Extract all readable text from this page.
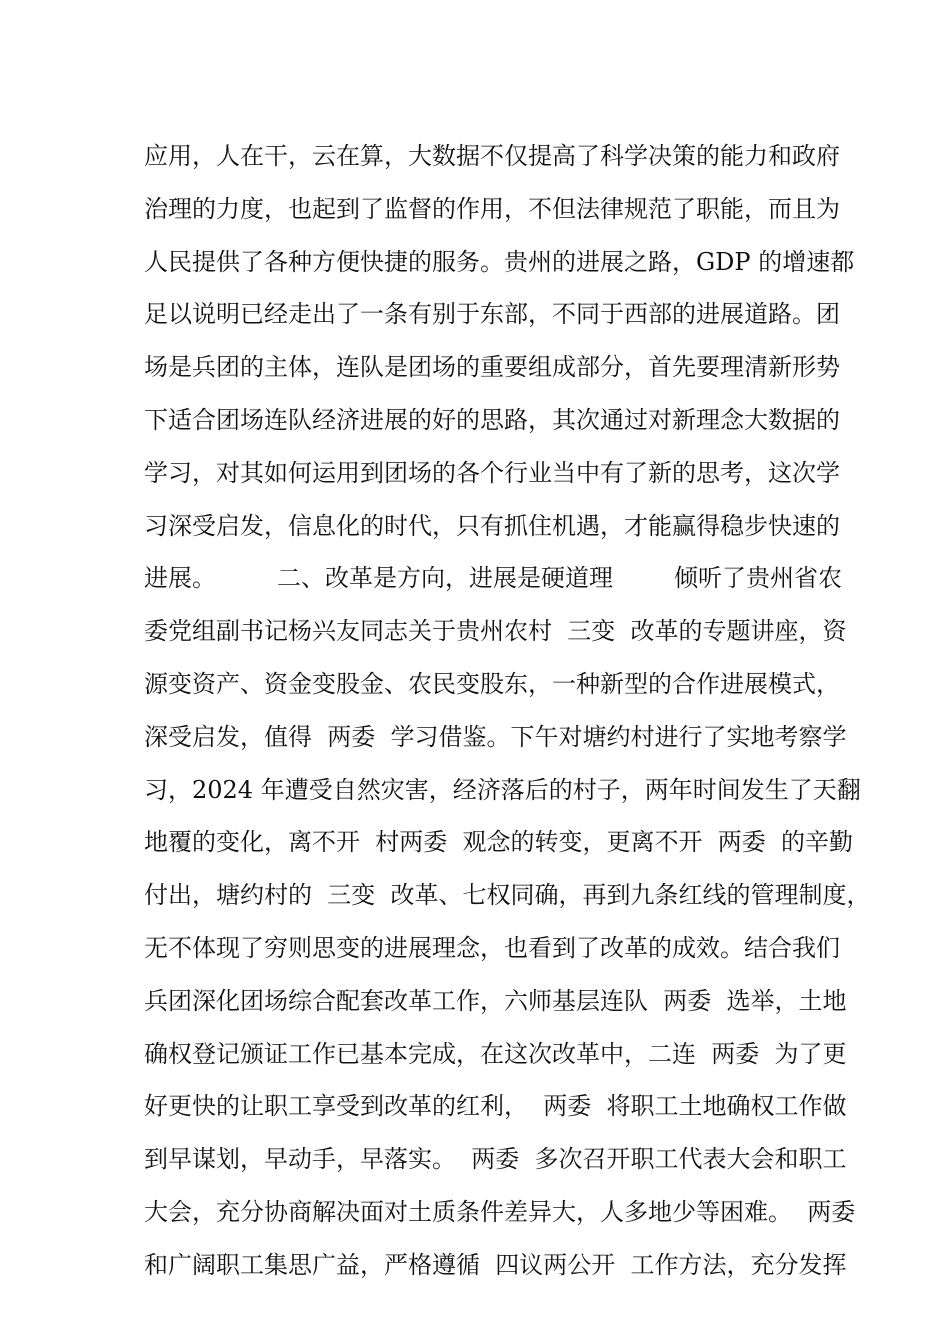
应用，人在干，云在算，大数据不仅提高了科学决策的能力和政府
治理的力度，也起到了监督的作用，不但法律规范了职能，而且为
人民提供了各种方便快捷的服务。贵州的进展之路，GDP 的增速都
足以说明已经走出了一条有别于东部，不同于西部的进展道路。团
场是兵团的主体，连队是团场的重要组成部分，首先要理清新形势
下适合团场连队经济进展的好的思路，其次通过对新理念大数据的
学习，对其如何运用到团场的各个行业当中有了新的思考，这次学
习深受启发，信息化的时代，只有抓住机遇，才能赢得稳步快速的
进展。        二、改革是方向，进展是硬道理        倾听了贵州省农
委党组副书记杨兴友同志关于贵州农村  三变  改革的专题讲座，资
源变资产、资金变股金、农民变股东，一种新型的合作进展模式，
深受启发，值得  两委  学习借鉴。下午对塘约村进行了实地考察学
习，2024 年遭受自然灾害，经济落后的村子，两年时间发生了天翻
地覆的变化，离不开  村两委  观念的转变，更离不开  两委  的辛勤
付出，塘约村的  三变  改革、七权同确，再到九条红线的管理制度，
无不体现了穷则思变的进展理念，也看到了改革的成效。结合我们
兵团深化团场综合配套改革工作，六师基层连队  两委  选举，土地
确权登记颁证工作已基本完成，在这次改革中，二连  两委  为了更
好更快的让职工享受到改革的红利，  两委  将职工土地确权工作做
到早谋划，早动手，早落实。  两委  多次召开职工代表大会和职工
大会，充分协商解决面对土质条件差异大，人多地少等困难。  两委
和广阔职工集思广益，严格遵循  四议两公开  工作方法，充分发挥
